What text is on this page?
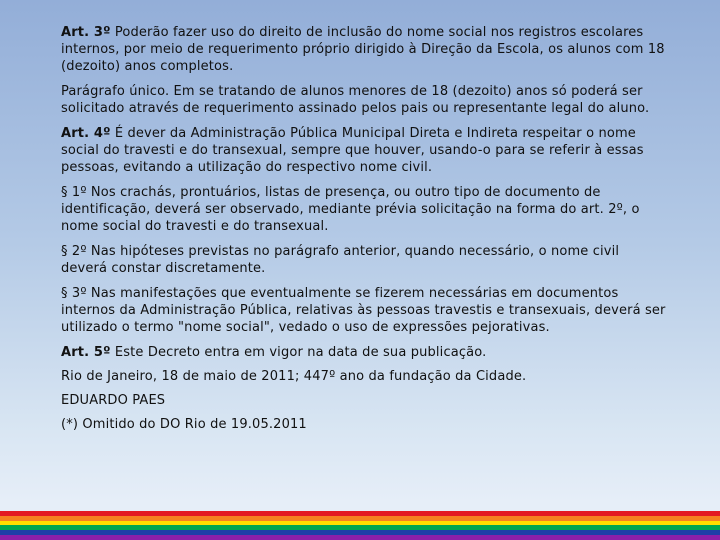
Art. 3º Poderão fazer uso do direito de inclusão do nome social nos registros escolares internos, por meio de requerimento próprio dirigido à Direção da Escola, os alunos com 18 (dezoito) anos completos.

Parágrafo único. Em se tratando de alunos menores de 18 (dezoito) anos só poderá ser solicitado através de requerimento assinado pelos pais ou representante legal do aluno.

Art. 4º É dever da Administração Pública Municipal Direta e Indireta respeitar o nome social do travesti e do transexual, sempre que houver, usando-o para se referir à essas pessoas, evitando a utilização do respectivo nome civil.

§ 1º Nos crachás, prontuários, listas de presença, ou outro tipo de documento de identificação, deverá ser observado, mediante prévia solicitação na forma do art. 2º, o nome social do travesti e do transexual.

§ 2º Nas hipóteses previstas no parágrafo anterior, quando necessário, o nome civil deverá constar discretamente.

§ 3º Nas manifestações que eventualmente se fizerem necessárias em documentos internos da Administração Pública, relativas às pessoas travestis e transexuais, deverá ser utilizado o termo "nome social", vedado o uso de expressões pejorativas.

Art. 5º Este Decreto entra em vigor na data de sua publicação.

Rio de Janeiro, 18 de maio de 2011; 447º ano da fundação da Cidade.

EDUARDO PAES

(*) Omitido do DO Rio de 19.05.2011
